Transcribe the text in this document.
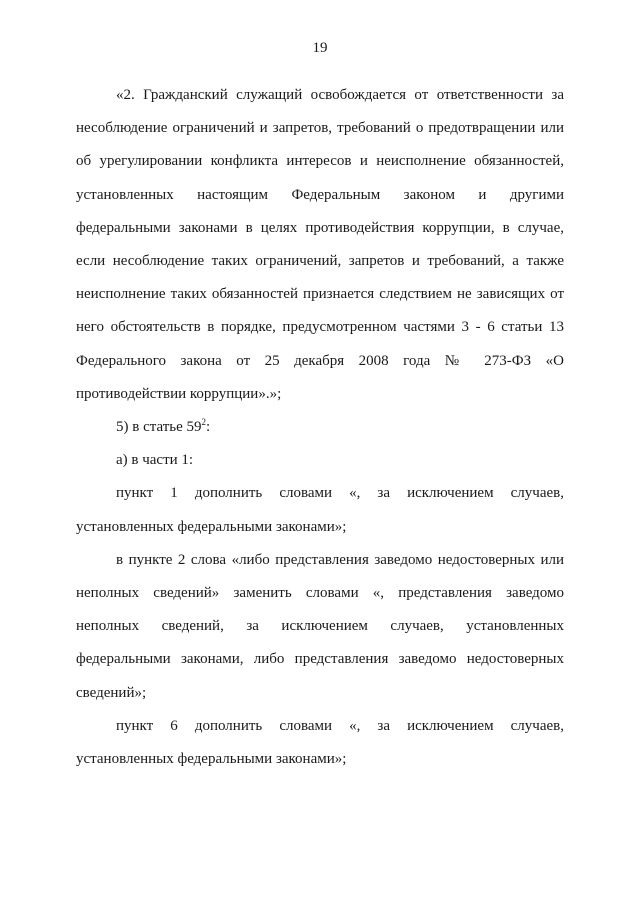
19

«2. Гражданский служащий освобождается от ответственности за несоблюдение ограничений и запретов, требований о предотвращении или об урегулировании конфликта интересов и неисполнение обязанностей, установленных настоящим Федеральным законом и другими федеральными законами в целях противодействия коррупции, в случае, если несоблюдение таких ограничений, запретов и требований, а также неисполнение таких обязанностей признается следствием не зависящих от него обстоятельств в порядке, предусмотренном частями 3 - 6 статьи 13 Федерального закона от 25 декабря 2008 года № 273-ФЗ «О противодействии коррупции».»;

5) в статье $59^2$:

а) в части 1:

пункт 1 дополнить словами «, за исключением случаев, установленных федеральными законами»;

в пункте 2 слова «либо представления заведомо недостоверных или неполных сведений» заменить словами «, представления заведомо неполных сведений, за исключением случаев, установленных федеральными законами, либо представления заведомо недостоверных сведений»;

пункт 6 дополнить словами «, за исключением случаев, установленных федеральными законами»;
